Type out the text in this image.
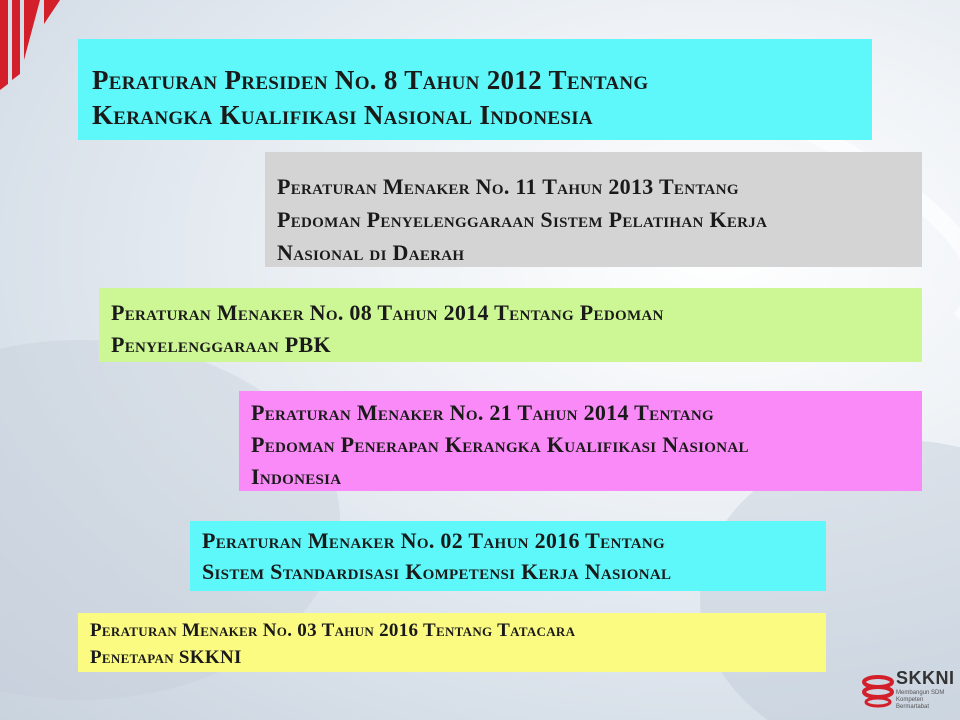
Peraturan Presiden No. 8 Tahun 2012 Tentang
Kerangka Kualifikasi Nasional Indonesia
Peraturan Menaker No. 11 Tahun 2013 Tentang
Pedoman Penyelenggaraan Sistem Pelatihan Kerja
Nasional di Daerah
Peraturan Menaker No. 08 Tahun 2014 Tentang Pedoman
Penyelenggaraan PBK
Peraturan Menaker No. 21 Tahun 2014 Tentang
Pedoman Penerapan Kerangka Kualifikasi Nasional
Indonesia
Peraturan Menaker No. 02 Tahun 2016 Tentang
Sistem Standardisasi Kompetensi Kerja Nasional
Peraturan Menaker No. 03 Tahun 2016 Tentang Tatacara
Penetapan SKKNI
SKKNI
Membangun SDM
Kompeten Bermartabat
